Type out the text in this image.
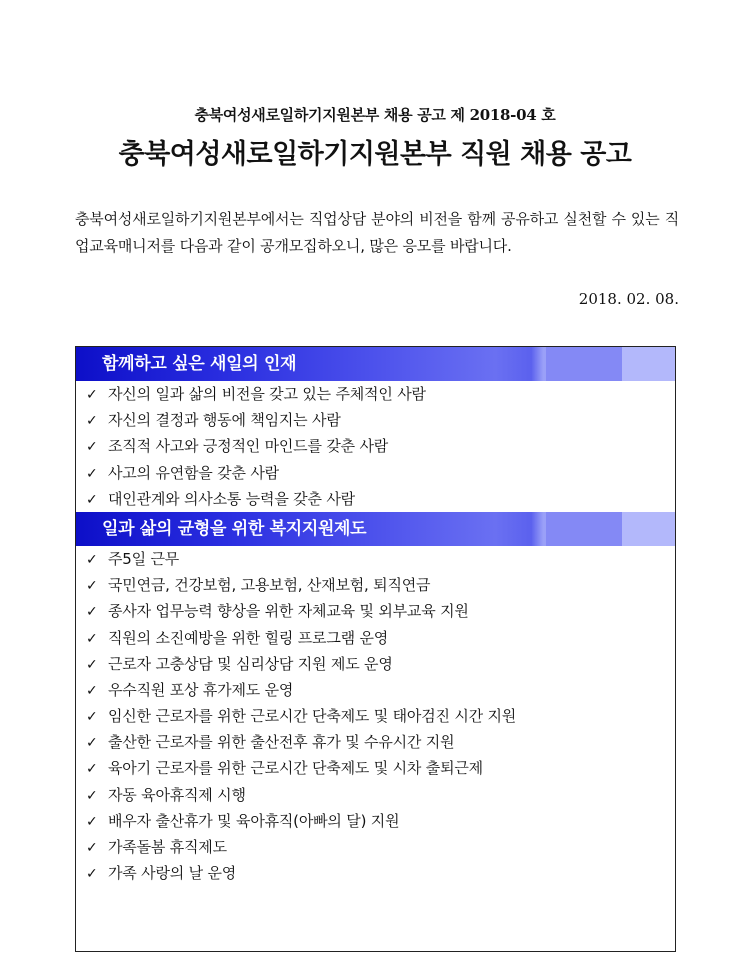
충북여성새로일하기지원본부 채용 공고 제 2018-04 호
충북여성새로일하기지원본부 직원 채용 공고
충북여성새로일하기지원본부에서는 직업상담 분야의 비전을 함께 공유하고 실천할 수 있는 직업교육매니저를 다음과 같이 공개모집하오니, 많은 응모를 바랍니다.
2018. 02. 08.
함께하고 싶은 새일의 인재
✓ 자신의 일과 삶의 비전을 갖고 있는 주체적인 사람
✓ 자신의 결정과 행동에 책임지는 사람
✓ 조직적 사고와 긍정적인 마인드를 갖춘 사람
✓ 사고의 유연함을 갖춘 사람
✓ 대인관계와 의사소통 능력을 갖춘 사람
일과 삶의 균형을 위한 복지지원제도
✓ 주5일 근무
✓ 국민연금, 건강보험, 고용보험, 산재보험, 퇴직연금
✓ 종사자 업무능력 향상을 위한 자체교육 및 외부교육 지원
✓ 직원의 소진예방을 위한 힐링 프로그램 운영
✓ 근로자 고충상담 및 심리상담 지원 제도 운영
✓ 우수직원 포상 휴가제도 운영
✓ 임신한 근로자를 위한 근로시간 단축제도 및 태아검진 시간 지원
✓ 출산한 근로자를 위한 출산전후 휴가 및 수유시간 지원
✓ 육아기 근로자를 위한 근로시간 단축제도 및 시차 출퇴근제
✓ 자동 육아휴직제 시행
✓ 배우자 출산휴가 및 육아휴직(아빠의 달) 지원
✓ 가족돌봄 휴직제도
✓ 가족 사랑의 날 운영
